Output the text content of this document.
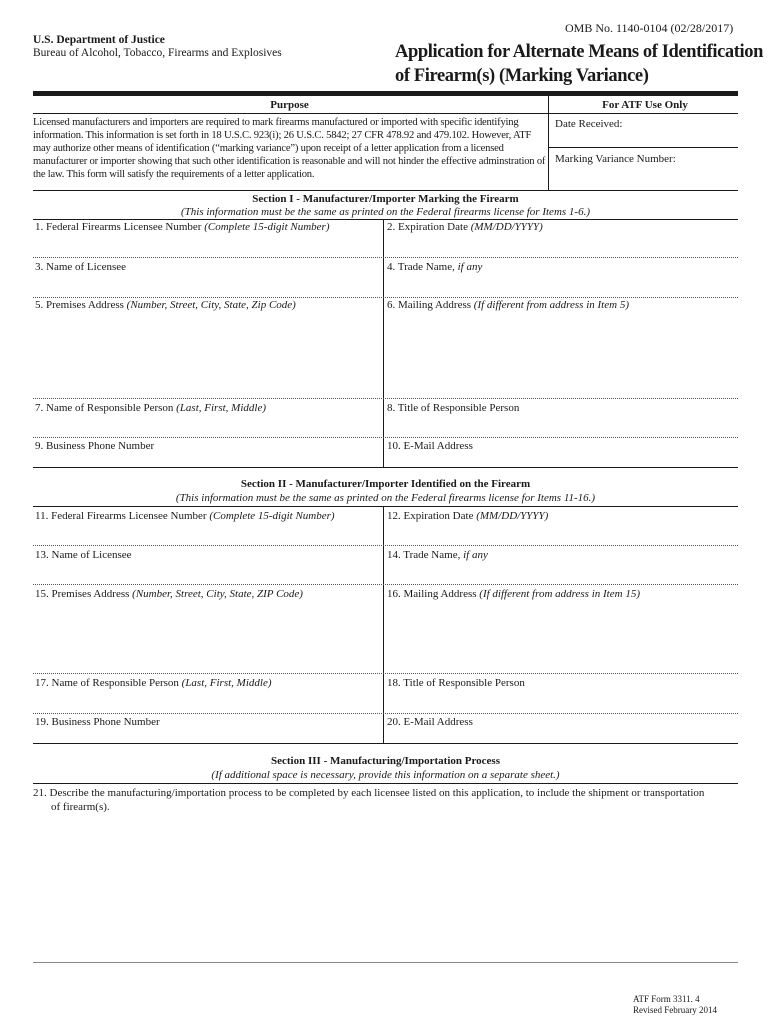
OMB No. 1140-0104 (02/28/2017)
U.S. Department of Justice
Bureau of Alcohol, Tobacco, Firearms and Explosives	Application for Alternate Means of Identification
of Firearm(s) (Marking Variance)
Purpose
Licensed manufacturers and importers are required to mark firearms manufactured or imported with specific identifying information. This information is set forth in 18 U.S.C. 923(i); 26 U.S.C. 5842; 27 CFR 478.92 and 479.102. However, ATF may authorize other means of identification (“marking variance”) upon receipt of a letter application from a licensed manufacturer or importer showing that such other identification is reasonable and will not hinder the effective adminstration of the law. This form will satisfy the requirements of a letter application.
For ATF Use Only
Date Received:
Marking Variance Number:
Section I - Manufacturer/Importer Marking the Firearm
(This information must be the same as printed on the Federal firearms license for Items 1-6.)
1. Federal Firearms Licensee Number (Complete 15-digit Number)	2. Expiration Date (MM/DD/YYYY)
3. Name of Licensee	4. Trade Name, if any
5. Premises Address (Number, Street, City, State, Zip Code)	6. Mailing Address (If different from address in Item 5)
7. Name of Responsible Person (Last, First, Middle)	8. Title of Responsible Person
9. Business Phone Number	10. E-Mail Address
Section II - Manufacturer/Importer Identified on the Firearm
(This information must be the same as printed on the Federal firearms license for Items 11-16.)
11. Federal Firearms Licensee Number (Complete 15-digit Number)	12. Expiration Date (MM/DD/YYYY)
13. Name of Licensee	14. Trade Name, if any
15. Premises Address (Number, Street, City, State, ZIP Code)	16. Mailing Address (If different from address in Item 15)
17. Name of Responsible Person (Last, First, Middle)	18. Title of Responsible Person
19. Business Phone Number	20. E-Mail Address
Section III - Manufacturing/Importation Process
(If additional space is necessary, provide this information on a separate sheet.)
21. Describe the manufacturing/importation process to be completed by each licensee listed on this application, to include the shipment or transportation
of firearm(s).
ATF Form 3311. 4
Revised February 2014
